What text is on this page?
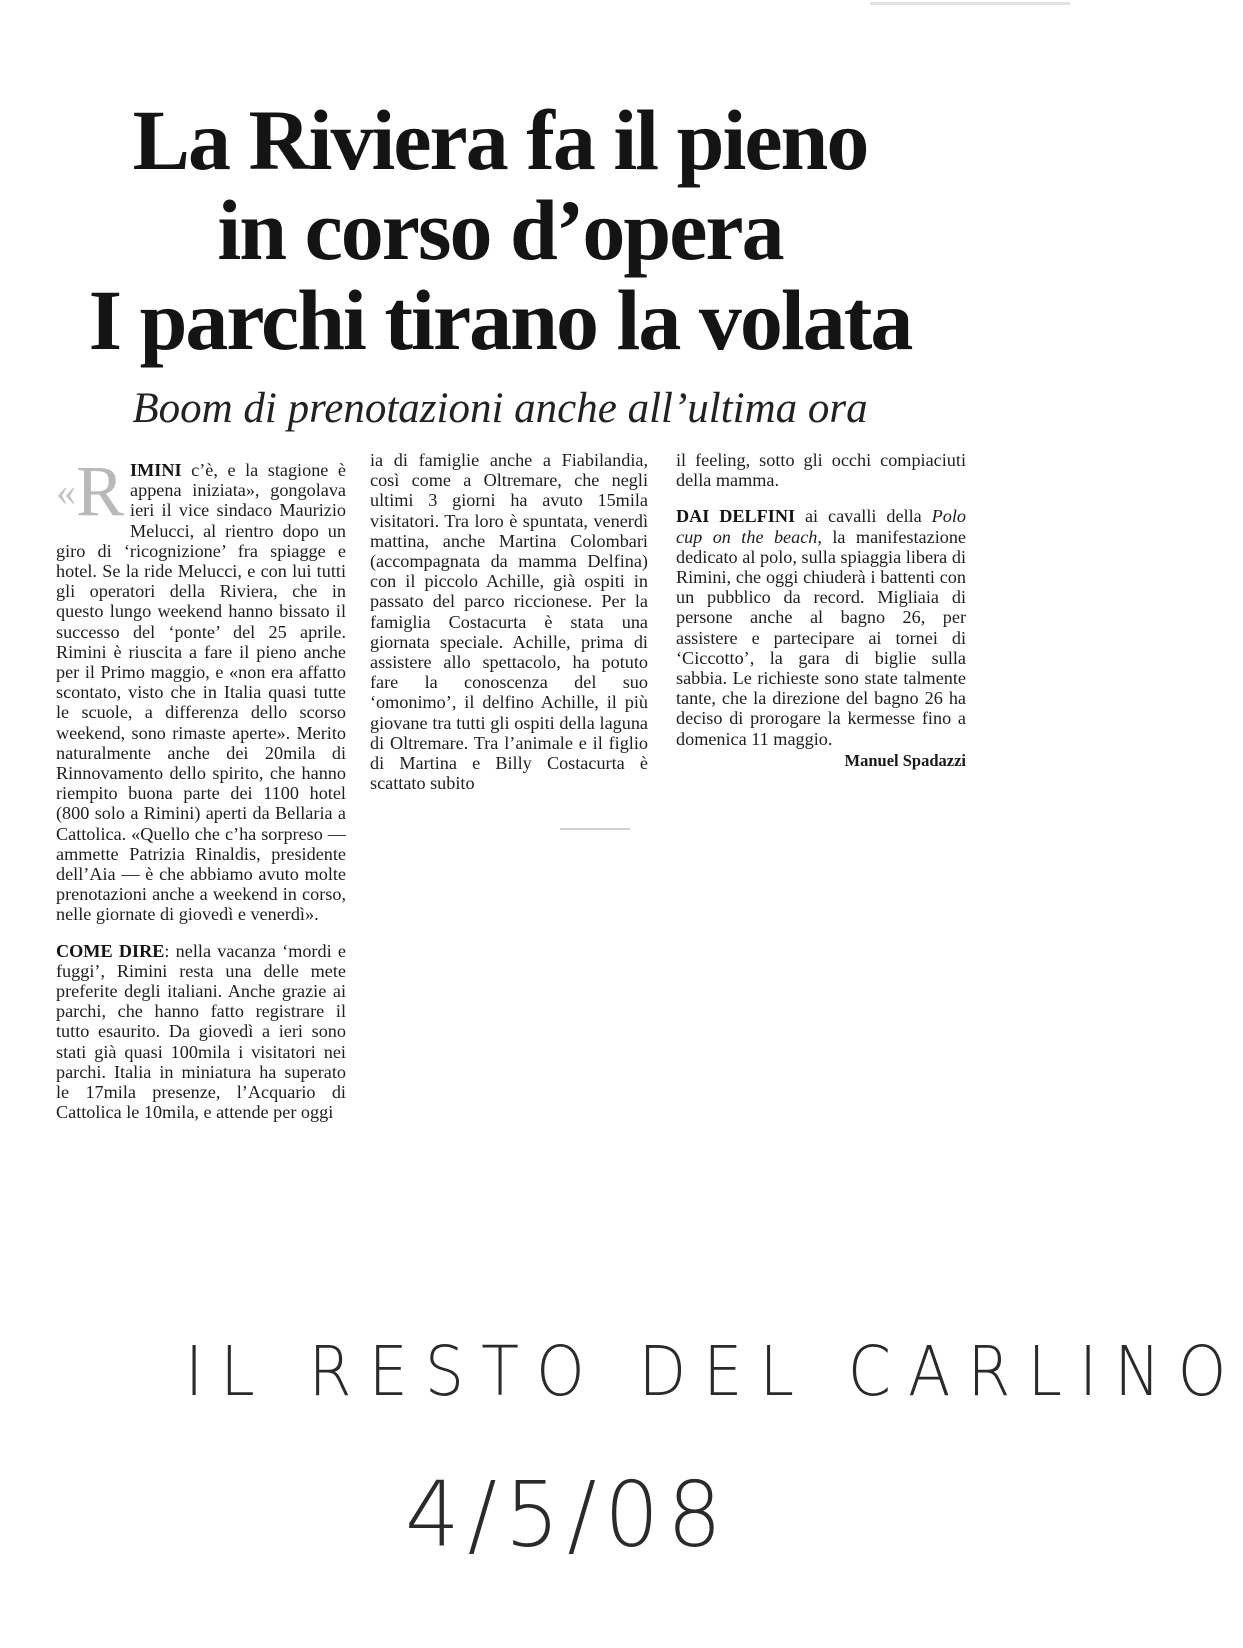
La Riviera fa il pieno
in corso d’opera
I parchi tirano la volata
Boom di prenotazioni anche all’ultima ora

«R IMINI c’è, e la stagione è appena iniziata», gongolava ieri il vice sindaco Maurizio Melucci, al rientro dopo un giro di ‘ricognizione’ fra spiagge e hotel. Se la ride Melucci, e con lui tutti gli operatori della Riviera, che in questo lungo weekend hanno bissato il successo del ‘ponte’ del 25 aprile. Rimini è riuscita a fare il pieno anche per il Primo maggio, e «non era affatto scontato, visto che in Italia quasi tutte le scuole, a differenza dello scorso weekend, sono rimaste aperte». Merito naturalmente anche dei 20mila di Rinnovamento dello spirito, che hanno riempito buona parte dei 1100 hotel (800 solo a Rimini) aperti da Bellaria a Cattolica. «Quello che c’ha sorpreso — ammette Patrizia Rinaldis, presidente dell’Aia — è che abbiamo avuto molte prenotazioni anche a weekend in corso, nelle giornate di giovedì e venerdì».

COME DIRE: nella vacanza ‘mordi e fuggi’, Rimini resta una delle mete preferite degli italiani. Anche grazie ai parchi, che hanno fatto registrare il tutto esaurito. Da giovedì a ieri sono stati già quasi 100mila i visitatori nei parchi. Italia in miniatura ha superato le 17mila presenze, l’Acquario di Cattolica le 10mila, e attende per oggi

ia di famiglie anche a Fiabilandia, così come a Oltremare, che negli ultimi 3 giorni ha avuto 15mila visitatori. Tra loro è spuntata, venerdì mattina, anche Martina Colombari (accompagnata da mamma Delfina) con il piccolo Achille, già ospiti in passato del parco riccionese. Per la famiglia Costacurta è stata una giornata speciale. Achille, prima di assistere allo spettacolo, ha potuto fare la conoscenza del suo ‘omonimo’, il delfino Achille, il più giovane tra tutti gli ospiti della laguna di Oltremare. Tra l’animale e il figlio di Martina e Billy Costacurta è scattato subito

il feeling, sotto gli occhi compiaciuti della mamma.

DAI DELFINI ai cavalli della Polo cup on the beach, la manifestazione dedicato al polo, sulla spiaggia libera di Rimini, che oggi chiuderà i battenti con un pubblico da record. Migliaia di persone anche al bagno 26, per assistere e partecipare ai tornei di ‘Ciccotto’, la gara di biglie sulla sabbia. Le richieste sono state talmente tante, che la direzione del bagno 26 ha deciso di prorogare la kermesse fino a domenica 11 maggio.

Manuel Spadazzi
IL RESTO DEL CARLINO
4/5/08
